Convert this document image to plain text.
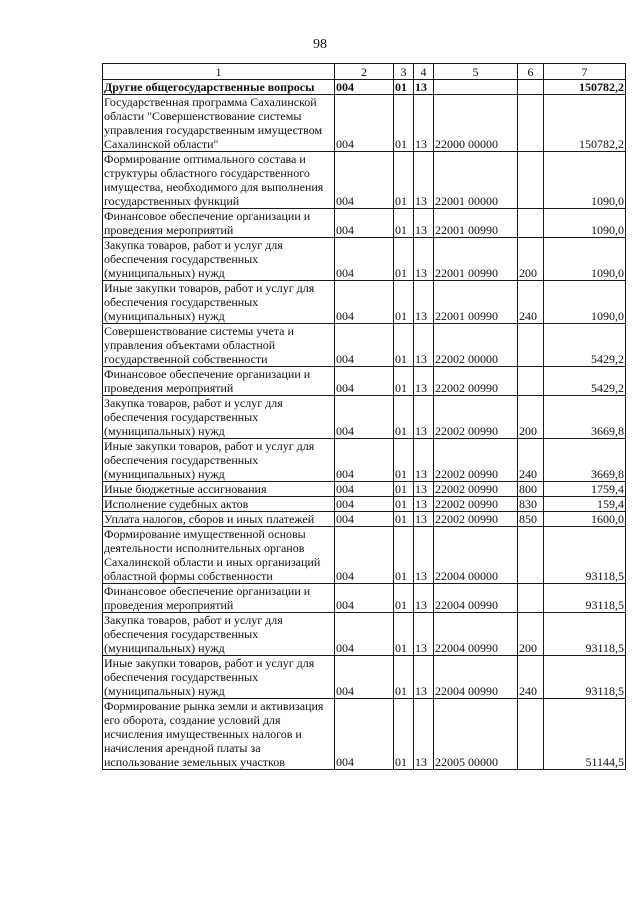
98
1	2	3	4	5	6	7
Другие общегосударственные вопросы	004	01	13			150782,2
Государственная программа Сахалинской области "Совершенствование системы управления государственным имуществом Сахалинской области"	004	01	13	22000 00000		150782,2
Формирование оптимального состава и структуры областного государственного имущества, необходимого для выполнения государственных функций	004	01	13	22001 00000		1090,0
Финансовое обеспечение организации и проведения мероприятий	004	01	13	22001 00990		1090,0
Закупка товаров, работ и услуг для обеспечения государственных (муниципальных) нужд	004	01	13	22001 00990	200	1090,0
Иные закупки товаров, работ и услуг для обеспечения государственных (муниципальных) нужд	004	01	13	22001 00990	240	1090,0
Совершенствование системы учета и управления объектами областной государственной собственности	004	01	13	22002 00000		5429,2
Финансовое обеспечение организации и проведения мероприятий	004	01	13	22002 00990		5429,2
Закупка товаров, работ и услуг для обеспечения государственных (муниципальных) нужд	004	01	13	22002 00990	200	3669,8
Иные закупки товаров, работ и услуг для обеспечения государственных (муниципальных) нужд	004	01	13	22002 00990	240	3669,8
Иные бюджетные ассигнования	004	01	13	22002 00990	800	1759,4
Исполнение судебных актов	004	01	13	22002 00990	830	159,4
Уплата налогов, сборов и иных платежей	004	01	13	22002 00990	850	1600,0
Формирование имущественной основы деятельности исполнительных органов Сахалинской области и иных организаций областной формы собственности	004	01	13	22004 00000		93118,5
Финансовое обеспечение организации и проведения мероприятий	004	01	13	22004 00990		93118,5
Закупка товаров, работ и услуг для обеспечения государственных (муниципальных) нужд	004	01	13	22004 00990	200	93118,5
Иные закупки товаров, работ и услуг для обеспечения государственных (муниципальных) нужд	004	01	13	22004 00990	240	93118,5
Формирование рынка земли и активизация его оборота, создание условий для исчисления имущественных налогов и начисления арендной платы за использование земельных участков	004	01	13	22005 00000		51144,5
